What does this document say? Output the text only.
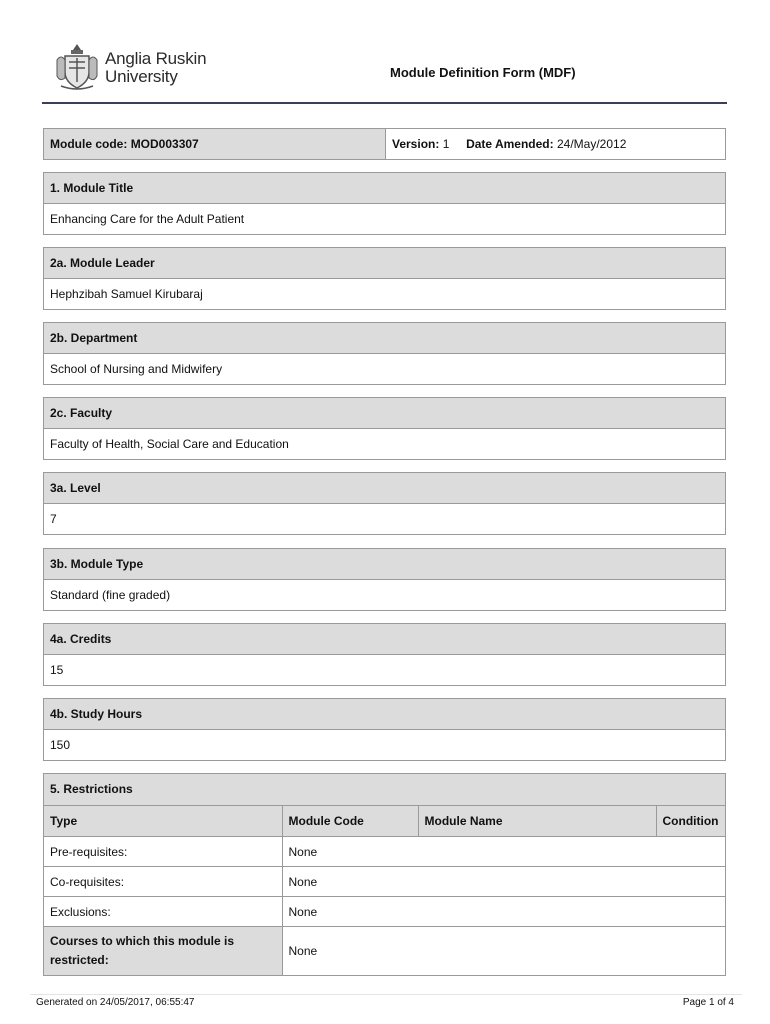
Anglia Ruskin
University	Module Definition Form (MDF)
Module code: MOD003307	Version: 1 Date Amended: 24/May/2012
1. Module Title
Enhancing Care for the Adult Patient
2a. Module Leader
Hephzibah Samuel Kirubaraj
2b. Department
School of Nursing and Midwifery
2c. Faculty
Faculty of Health, Social Care and Education
3a. Level
7
3b. Module Type
Standard (fine graded)
4a. Credits
15
4b. Study Hours
150
5. Restrictions
Type	Module Code	Module Name	Condition
Pre-requisites:	None		
Co-requisites:	None		
Exclusions:	None		
Courses to which this module is
restricted:	None		
Generated on 24/05/2017, 06:55:47	Page 1 of 4
